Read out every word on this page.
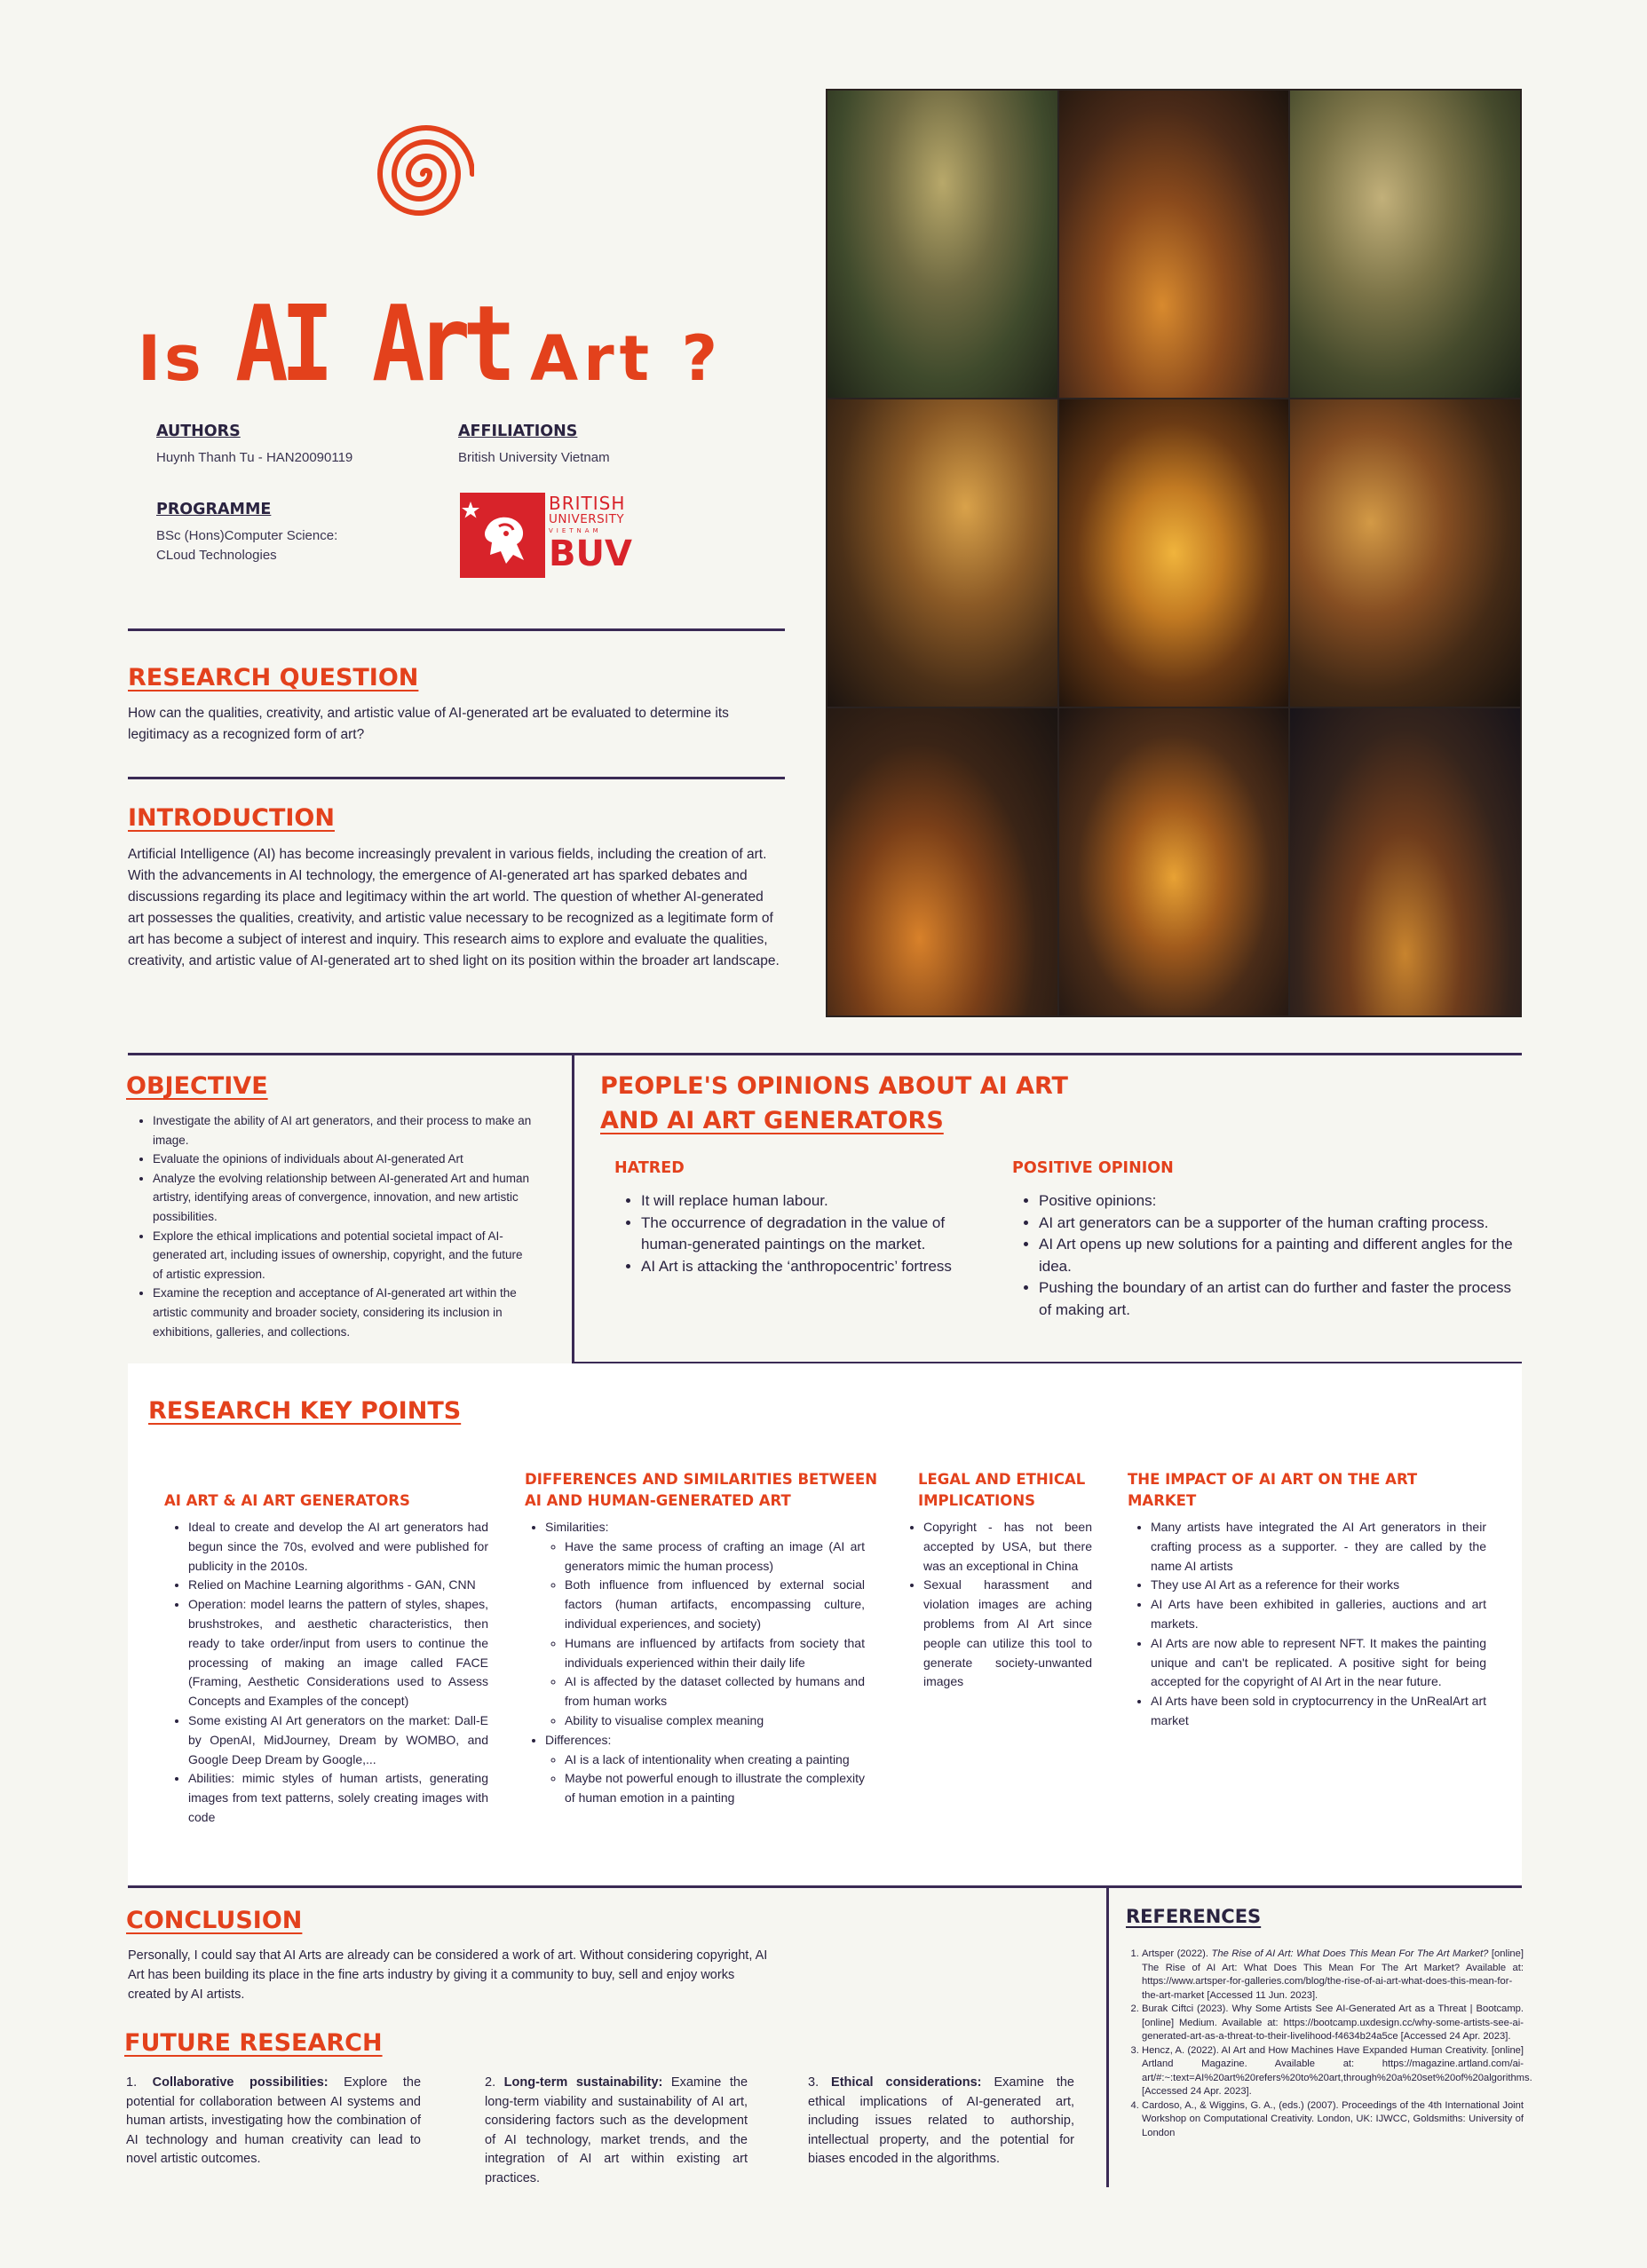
Is AI Art Art ?
AUTHORS
Huynh Thanh Tu - HAN20090119
AFFILIATIONS
British University Vietnam
PROGRAMME
BSc (Hons)Computer Science:
CLoud Technologies
BRITISH
UNIVERSITY
VIETNAM
BUV
RESEARCH QUESTION
How can the qualities, creativity, and artistic value of AI-generated art be evaluated to determine its legitimacy as a recognized form of art?
INTRODUCTION
Artificial Intelligence (AI) has become increasingly prevalent in various fields, including the creation of art. With the advancements in AI technology, the emergence of AI-generated art has sparked debates and discussions regarding its place and legitimacy within the art world. The question of whether AI-generated art possesses the qualities, creativity, and artistic value necessary to be recognized as a legitimate form of art has become a subject of interest and inquiry. This research aims to explore and evaluate the qualities, creativity, and artistic value of AI-generated art to shed light on its position within the broader art landscape.
OBJECTIVE
• Investigate the ability of AI art generators, and their process to make an image.
• Evaluate the opinions of individuals about AI-generated Art
• Analyze the evolving relationship between AI-generated Art and human artistry, identifying areas of convergence, innovation, and new artistic possibilities.
• Explore the ethical implications and potential societal impact of AI-generated art, including issues of ownership, copyright, and the future of artistic expression.
• Examine the reception and acceptance of AI-generated art within the artistic community and broader society, considering its inclusion in exhibitions, galleries, and collections.
PEOPLE'S OPINIONS ABOUT AI ART
AND AI ART GENERATORS
HATRED
• It will replace human labour.
• The occurrence of degradation in the value of human-generated paintings on the market.
• AI Art is attacking the ‘anthropocentric’ fortress
POSITIVE OPINION
• Positive opinions:
• AI art generators can be a supporter of the human crafting process.
• AI Art opens up new solutions for a painting and different angles for the idea.
• Pushing the boundary of an artist can do further and faster the process of making art.
RESEARCH KEY POINTS
AI ART & AI ART GENERATORS
• Ideal to create and develop the AI art generators had begun since the 70s, evolved and were published for publicity in the 2010s.
• Relied on Machine Learning algorithms - GAN, CNN
• Operation: model learns the pattern of styles, shapes, brushstrokes, and aesthetic characteristics, then ready to take order/input from users to continue the processing of making an image called FACE (Framing, Aesthetic Considerations used to Assess Concepts and Examples of the concept)
• Some existing AI Art generators on the market: Dall-E by OpenAI, MidJourney, Dream by WOMBO, and Google Deep Dream by Google,...
• Abilities: mimic styles of human artists, generating images from text patterns, solely creating images with code
DIFFERENCES AND SIMILARITIES BETWEEN
AI AND HUMAN-GENERATED ART
• Similarities:
◦ Have the same process of crafting an image (AI art generators mimic the human process)
◦ Both influence from influenced by external social factors (human artifacts, encompassing culture, individual experiences, and society)
◦ Humans are influenced by artifacts from society that individuals experienced within their daily life
◦ AI is affected by the dataset collected by humans and from human works
◦ Ability to visualise complex meaning
• Differences:
◦ AI is a lack of intentionality when creating a painting
◦ Maybe not powerful enough to illustrate the complexity of human emotion in a painting
LEGAL AND ETHICAL
IMPLICATIONS
• Copyright - has not been accepted by USA, but there was an exceptional in China
• Sexual harassment and violation images are aching problems from AI Art since people can utilize this tool to generate society-unwanted images
THE IMPACT OF AI ART ON THE ART
MARKET
• Many artists have integrated the AI Art generators in their crafting process as a supporter. - they are called by the name AI artists
• They use AI Art as a reference for their works
• AI Arts have been exhibited in galleries, auctions and art markets.
• AI Arts are now able to represent NFT. It makes the painting unique and can't be replicated. A positive sight for being accepted for the copyright of AI Art in the near future.
• AI Arts have been sold in cryptocurrency in the UnRealArt art market
CONCLUSION
Personally, I could say that AI Arts are already can be considered a work of art. Without considering copyright, AI Art has been building its place in the fine arts industry by giving it a community to buy, sell and enjoy works created by AI artists.
FUTURE RESEARCH
1. Collaborative possibilities: Explore the potential for collaboration between AI systems and human artists, investigating how the combination of AI technology and human creativity can lead to novel artistic outcomes.
2. Long-term sustainability: Examine the long-term viability and sustainability of AI art, considering factors such as the development of AI technology, market trends, and the integration of AI art within existing art practices.
3. Ethical considerations: Examine the ethical implications of AI-generated art, including issues related to authorship, intellectual property, and the potential for biases encoded in the algorithms.
REFERENCES
1. Artsper (2022). The Rise of AI Art: What Does This Mean For The Art Market? [online] The Rise of AI Art: What Does This Mean For The Art Market? Available at: https://www.artsper-for-galleries.com/blog/the-rise-of-ai-art-what-does-this-mean-for-the-art-market [Accessed 11 Jun. 2023].
2. Burak Ciftci (2023). Why Some Artists See AI-Generated Art as a Threat | Bootcamp. [online] Medium. Available at: https://bootcamp.uxdesign.cc/why-some-artists-see-ai-generated-art-as-a-threat-to-their-livelihood-f4634b24a5ce [Accessed 24 Apr. 2023].
3. Hencz, A. (2022). AI Art and How Machines Have Expanded Human Creativity. [online] Artland Magazine. Available at: https://magazine.artland.com/ai-art/#:~:text=AI%20art%20refers%20to%20art,through%20a%20set%20of%20algorithms. [Accessed 24 Apr. 2023].
4. Cardoso, A., & Wiggins, G. A., (eds.) (2007). Proceedings of the 4th International Joint Workshop on Computational Creativity. London, UK: IJWCC, Goldsmiths: University of London
